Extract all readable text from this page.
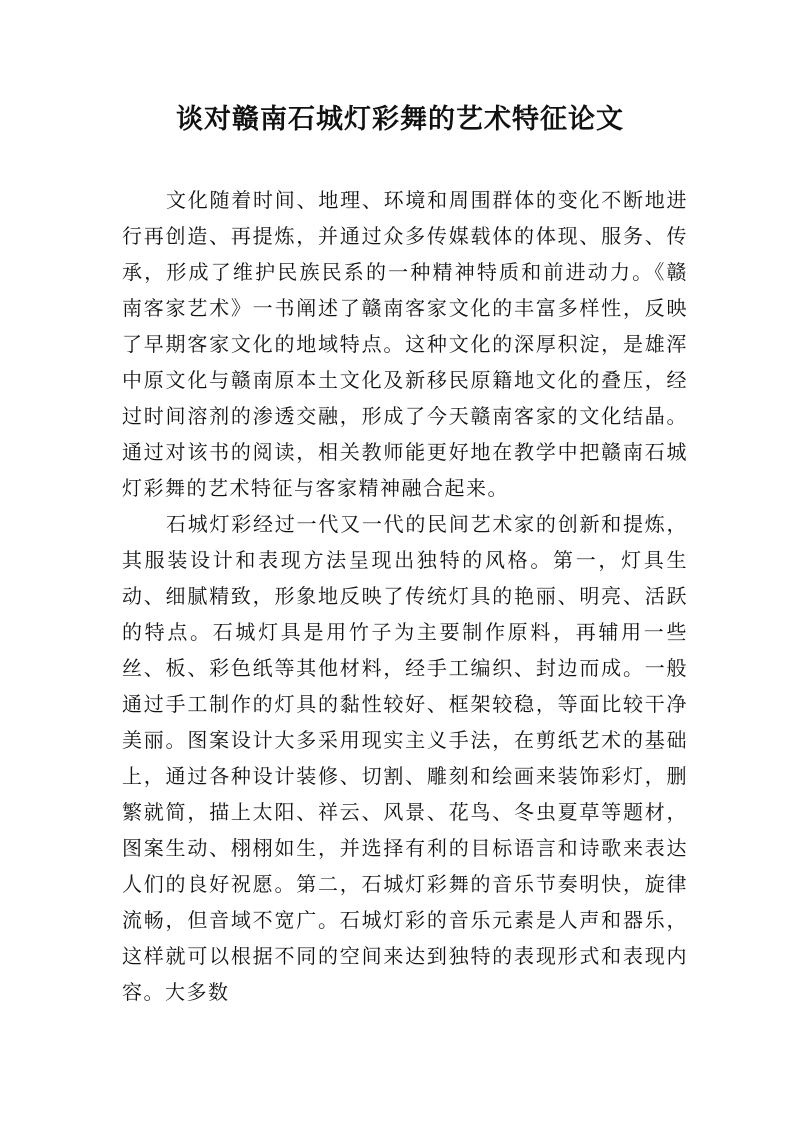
谈对赣南石城灯彩舞的艺术特征论文

文化随着时间、地理、环境和周围群体的变化不断地进行再创造、再提炼，并通过众多传媒载体的体现、服务、传承，形成了维护民族民系的一种精神特质和前进动力。《赣南客家艺术》一书阐述了赣南客家文化的丰富多样性，反映了早期客家文化的地域特点。这种文化的深厚积淀，是雄浑中原文化与赣南原本土文化及新移民原籍地文化的叠压，经过时间溶剂的渗透交融，形成了今天赣南客家的文化结晶。通过对该书的阅读，相关教师能更好地在教学中把赣南石城灯彩舞的艺术特征与客家精神融合起来。

石城灯彩经过一代又一代的民间艺术家的创新和提炼，其服装设计和表现方法呈现出独特的风格。第一，灯具生动、细腻精致，形象地反映了传统灯具的艳丽、明亮、活跃的特点。石城灯具是用竹子为主要制作原料，再辅用一些丝、板、彩色纸等其他材料，经手工编织、封边而成。一般通过手工制作的灯具的黏性较好、框架较稳，等面比较干净美丽。图案设计大多采用现实主义手法，在剪纸艺术的基础上，通过各种设计装修、切割、雕刻和绘画来装饰彩灯，删繁就简，描上太阳、祥云、风景、花鸟、冬虫夏草等题材，图案生动、栩栩如生，并选择有利的目标语言和诗歌来表达人们的良好祝愿。第二，石城灯彩舞的音乐节奏明快，旋律流畅，但音域不宽广。石城灯彩的音乐元素是人声和器乐，这样就可以根据不同的空间来达到独特的表现形式和表现内容。大多数
